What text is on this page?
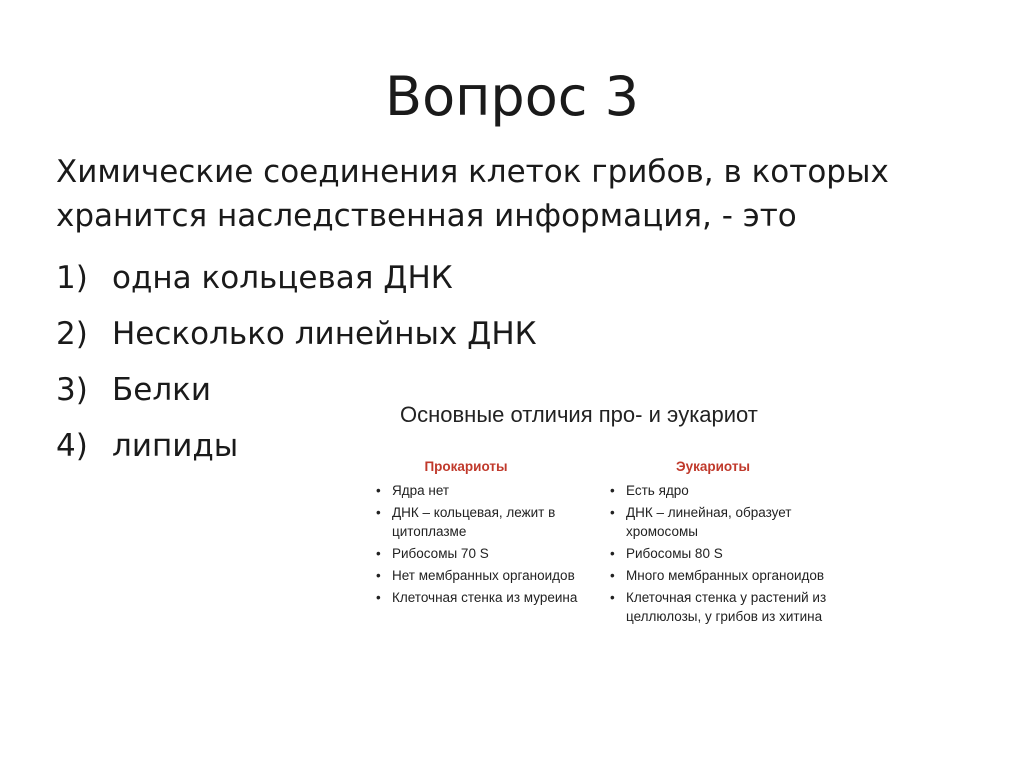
Вопрос 3
Химические соединения клеток грибов, в которых хранится наследственная информация, - это
1) одна кольцевая ДНК
2) Несколько линейных ДНК
3) Белки
4) липиды
Основные отличия про- и эукариот
Прокариоты
• Ядра нет
• ДНК – кольцевая, лежит в цитоплазме
• Рибосомы 70 S
• Нет мембранных органоидов
• Клеточная стенка из муреина
Эукариоты
• Есть ядро
• ДНК – линейная, образует хромосомы
• Рибосомы 80 S
• Много мембранных органоидов
• Клеточная стенка у растений из целлюлозы, у грибов из хитина
